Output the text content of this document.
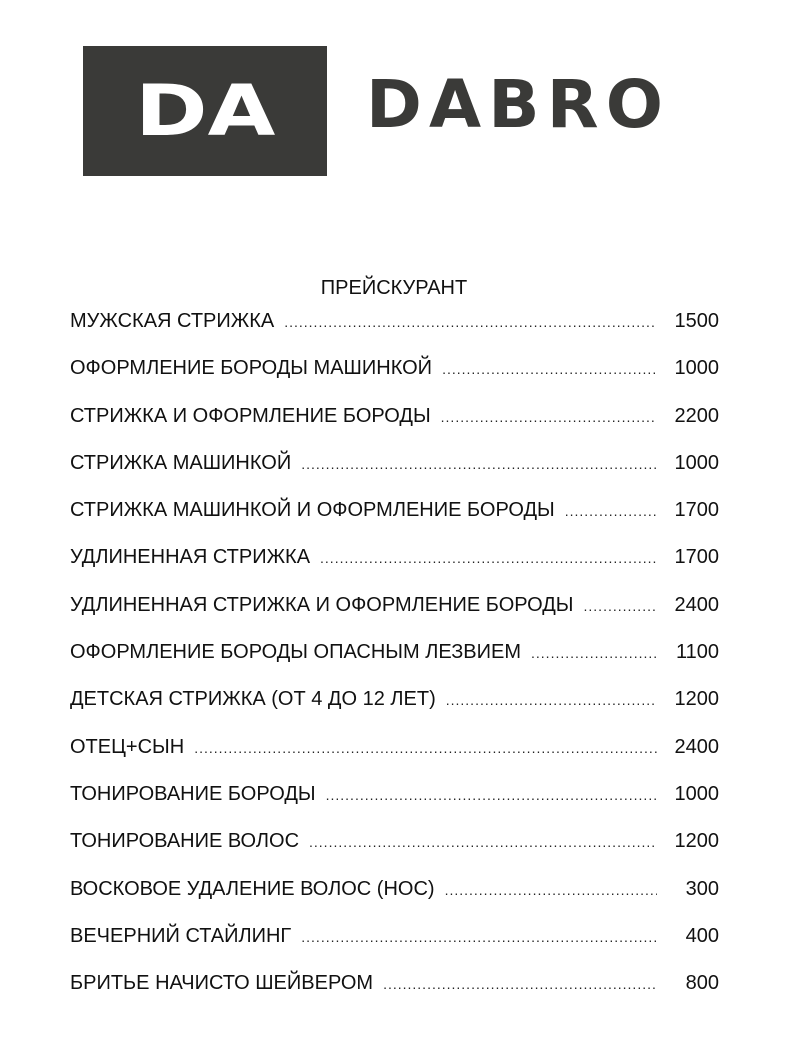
DA DABRO
ПРЕЙСКУРАНТ
МУЖСКАЯ СТРИЖКА .....	1500
ОФОРМЛЕНИЕ БОРОДЫ МАШИНКОЙ .....	1000
СТРИЖКА И ОФОРМЛЕНИЕ БОРОДЫ .....	2200
СТРИЖКА МАШИНКОЙ .....	1000
СТРИЖКА МАШИНКОЙ И ОФОРМЛЕНИЕ БОРОДЫ .....	1700
УДЛИНЕННАЯ СТРИЖКА .....	1700
УДЛИНЕННАЯ СТРИЖКА И ОФОРМЛЕНИЕ БОРОДЫ .....	2400
ОФОРМЛЕНИЕ БОРОДЫ ОПАСНЫМ ЛЕЗВИЕМ .....	1100
ДЕТСКАЯ СТРИЖКА (ОТ 4 ДО 12 ЛЕТ) .....	1200
ОТЕЦ+СЫН .....	2400
ТОНИРОВАНИЕ БОРОДЫ .....	1000
ТОНИРОВАНИЕ ВОЛОС .....	1200
ВОСКОВОЕ УДАЛЕНИЕ ВОЛОС (НОС) .....	300
ВЕЧЕРНИЙ СТАЙЛИНГ .....	400
БРИТЬЕ НАЧИСТО ШЕЙВЕРОМ .....	800
